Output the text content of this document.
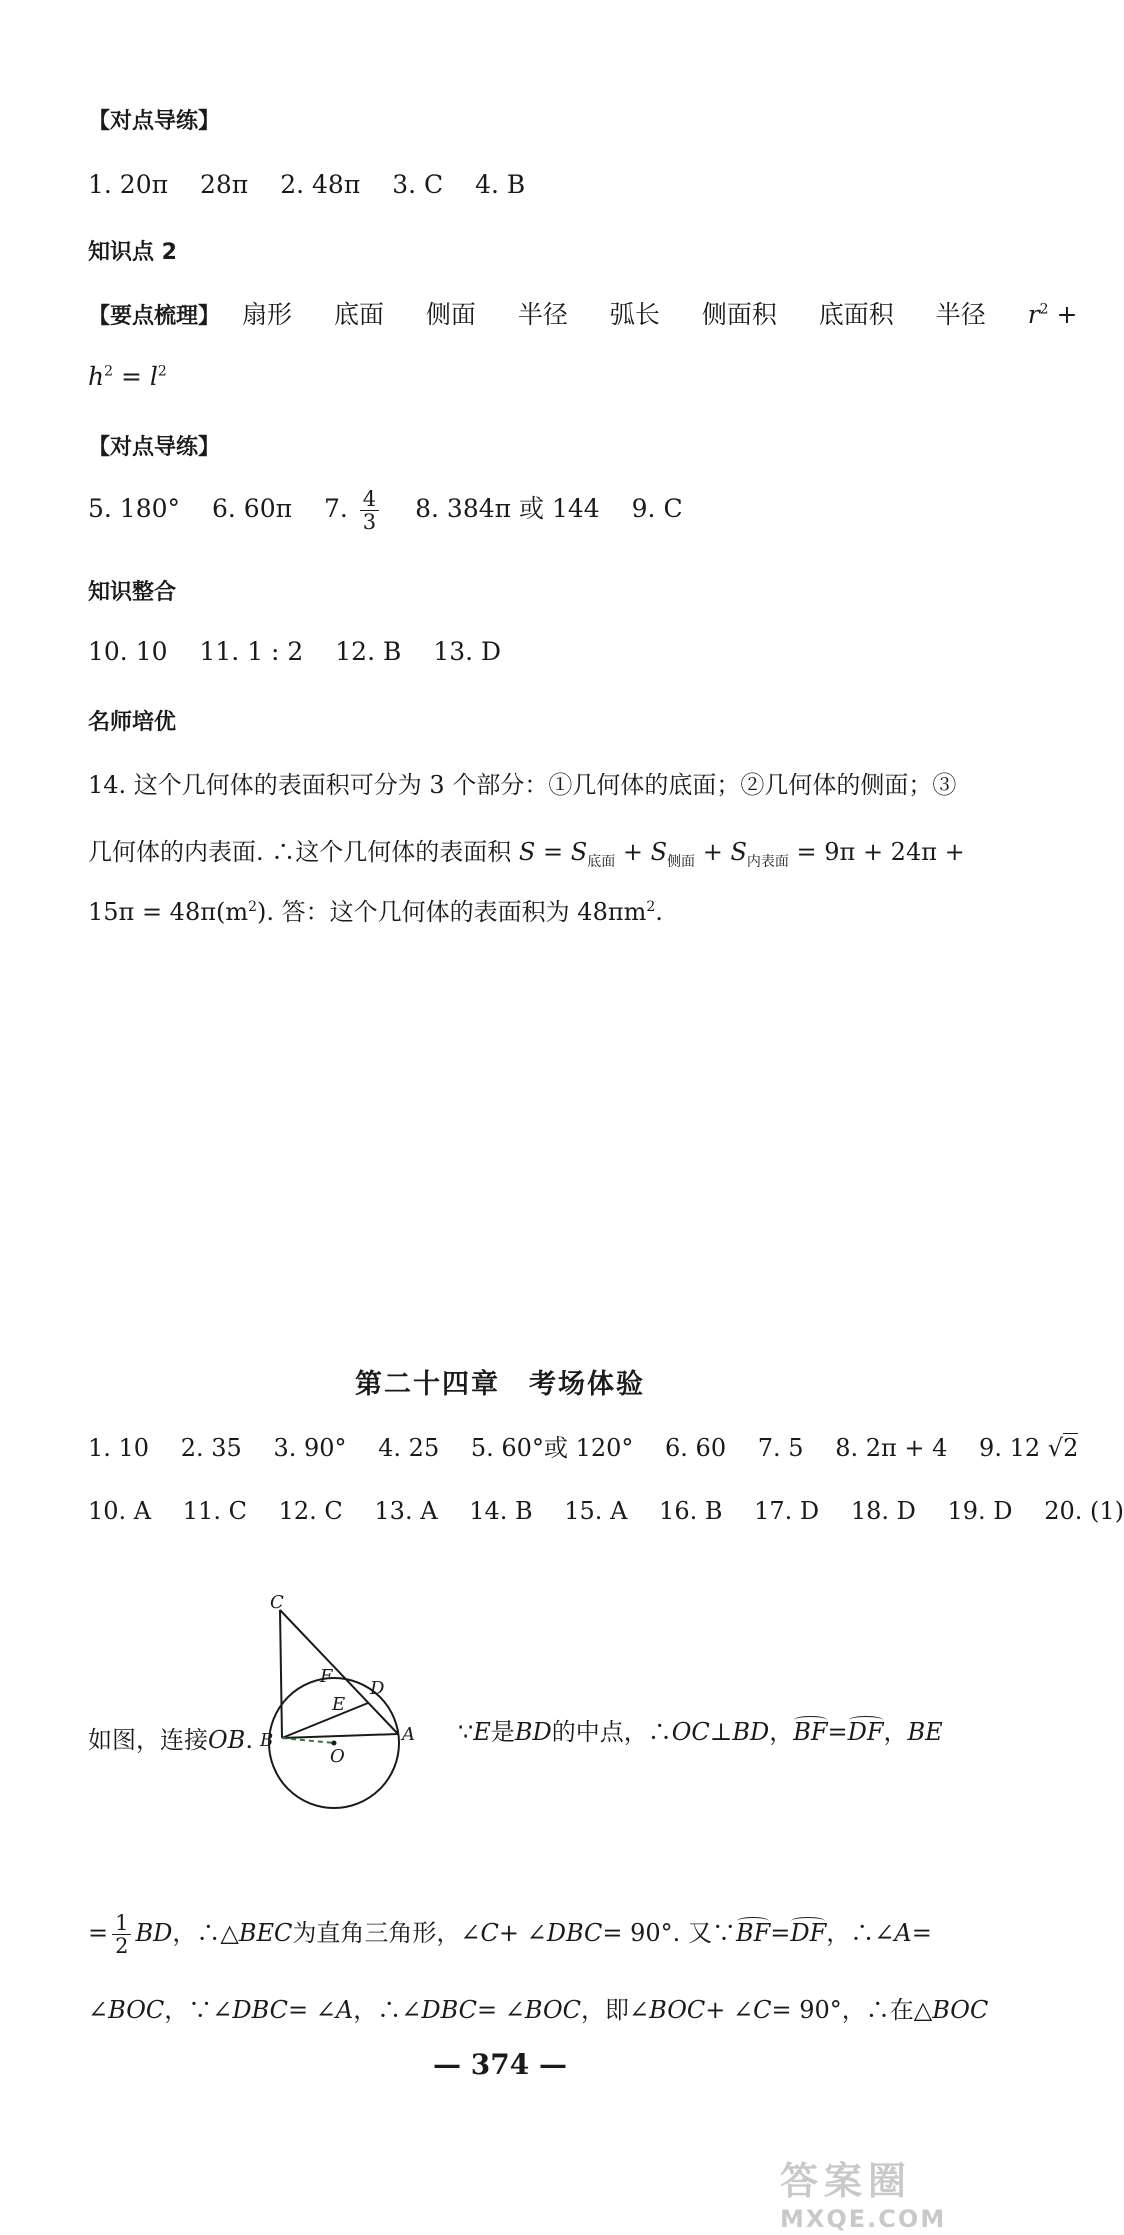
【对点导练】
1. 20π 28π 2. 48π 3. C 4. B
知识点 2
【要点梳理】 扇形 底面 侧面 半径 弧长 侧面积 底面积 半径 $r^2$ +
$h^2 = l^2$
【对点导练】
5. 180° 6. 60π 7. $\frac{4}{3} 8$. 384π 或 144 9. C
知识整合
10. 10 11. 1 : 2 12. B 13. D
名师培优
14. 这个几何体的表面积可分为 3 个部分：①几何体的底面；②几何体的侧面；③
几何体的内表面. ∴这个几何体的表面积 $S = S_{底面} + S_{侧面} + S_{内表面} = 9\pi + 24\pi$ +
$15\pi = 48\pi(m^2)$. 答：这个几何体的表面积为 $48\pi m^2$.
第二十四章　考场体验
1. 10 2. 35 3. 90° 4. 25 5. 60°或 120° 6. 60 7. 5 8. 2π + 4 9. 12 √2
10. A 11. C 12. C 13. A 14. B 15. A 16. B 17. D 18. D 19. D 20. (1)
C
F
D
E
A
B
O
如图，连接OB.	∵E是BD的中点，∴OC⊥BD，BF=DF，BE
= $\frac{1}{2}$ BD，∴△BEC为直角三角形，∠C+ ∠DBC= 90°. 又∵BF=DF，∴∠A=
∠BOC，∵∠DBC= ∠A，∴∠DBC= ∠BOC，即∠BOC+ ∠C= 90°，∴在△BOC
— 374 —
答案圈
MXQE.COM
